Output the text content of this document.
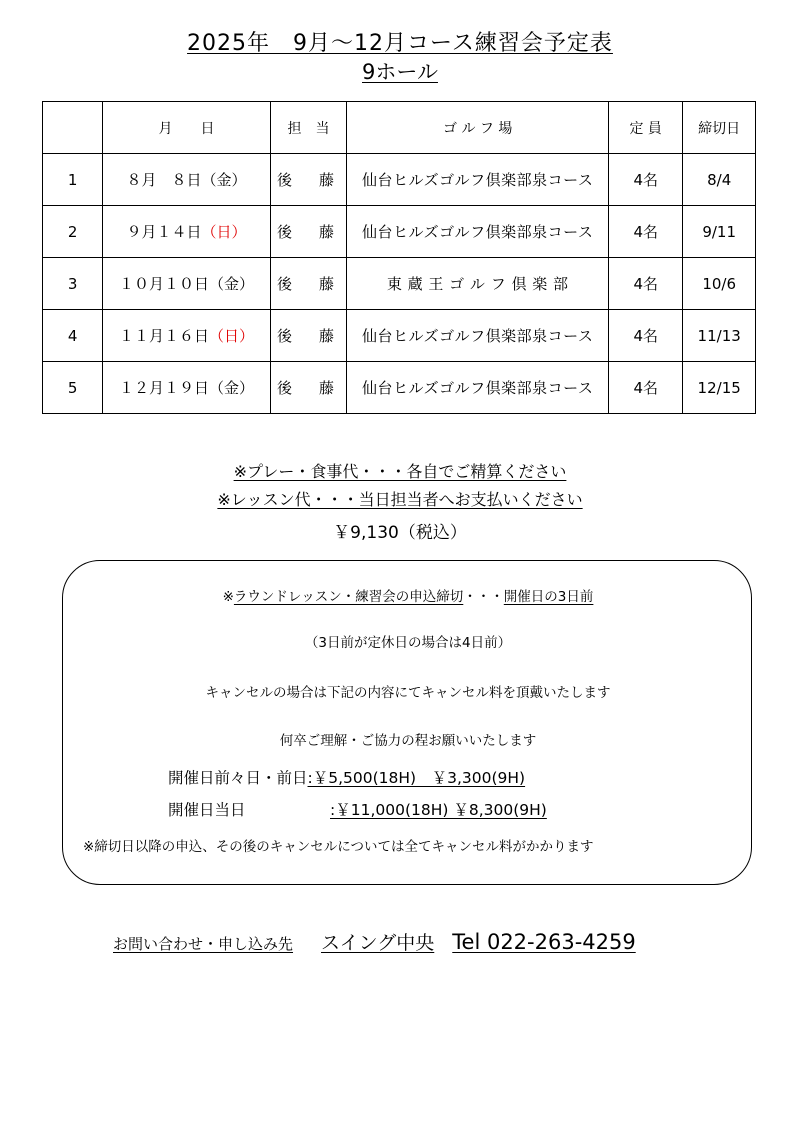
2025年　9月～12月コース練習会予定表
9ホール
	月　　日	担　当	ゴ ル フ 場	定 員	締切日
1	８月　８日（金）	後　藤	仙台ヒルズゴルフ倶楽部泉コース	4名	8/4
2	９月１４日（日）	後　藤	仙台ヒルズゴルフ倶楽部泉コース	4名	9/11
3	１０月１０日（金）	後　藤	東 蔵 王 ゴ ル フ 倶 楽 部	4名	10/6
4	１１月１６日（日）	後　藤	仙台ヒルズゴルフ倶楽部泉コース	4名	11/13
5	１２月１９日（金）	後　藤	仙台ヒルズゴルフ倶楽部泉コース	4名	12/15
※プレー・食事代・・・各自でご精算ください
※レッスン代・・・当日担当者へお支払いください
￥9,130（税込）
※ラウンドレッスン・練習会の申込締切・・・開催日の3日前
（3日前が定休日の場合は4日前）
キャンセルの場合は下記の内容にてキャンセル料を頂戴いたします
何卒ご理解・ご協力の程お願いいたします
開催日前々日・前日:￥5,500(18H)　￥3,300(9H)
開催日当日	:￥11,000(18H) ￥8,300(9H)
※締切日以降の申込、その後のキャンセルについては全てキャンセル料がかかります
お問い合わせ・申し込み先 スイング中央 Tel 022-263-4259
